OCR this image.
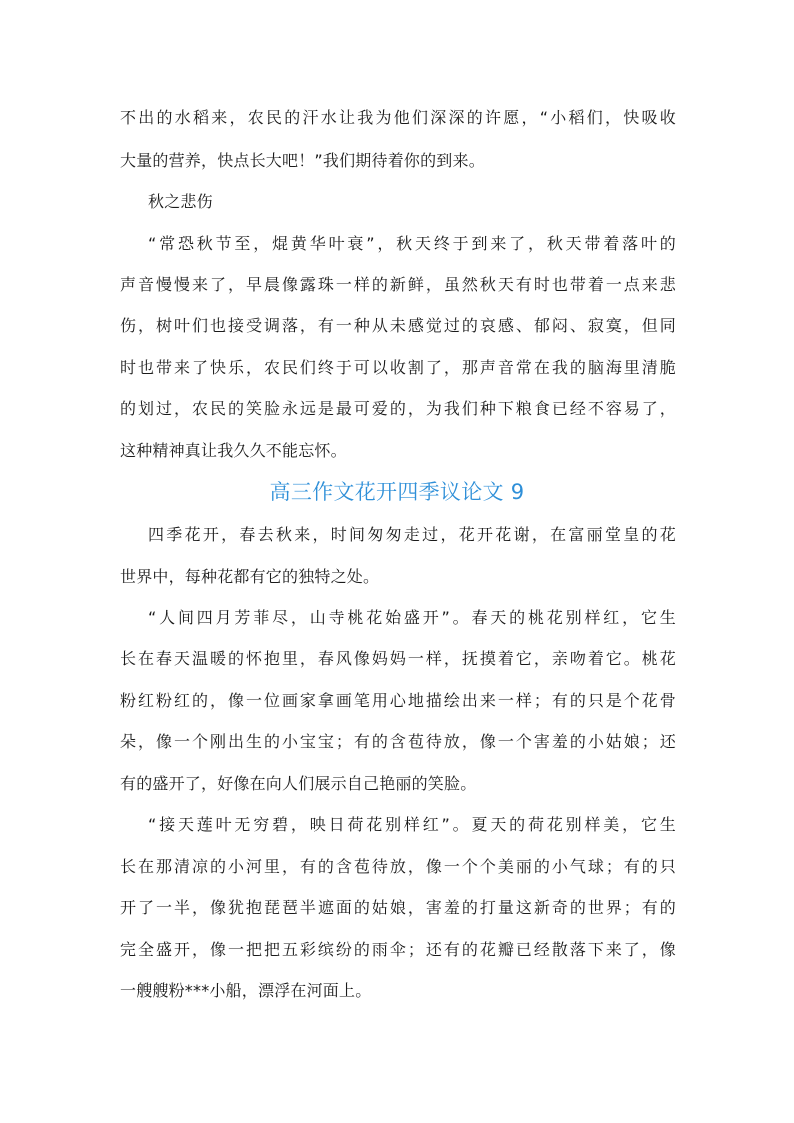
不出的水稻来，农民的汗水让我为他们深深的许愿，“小稻们，快吸收
大量的营养，快点长大吧！”我们期待着你的到来。
秋之悲伤
“常恐秋节至，焜黄华叶衰”，秋天终于到来了，秋天带着落叶的
声音慢慢来了，早晨像露珠一样的新鲜，虽然秋天有时也带着一点来悲
伤，树叶们也接受调落，有一种从未感觉过的哀感、郁闷、寂寞，但同
时也带来了快乐，农民们终于可以收割了，那声音常在我的脑海里清脆
的划过，农民的笑脸永远是最可爱的，为我们种下粮食已经不容易了，
这种精神真让我久久不能忘怀。
高三作文花开四季议论文 9
四季花开，春去秋来，时间匆匆走过，花开花谢，在富丽堂皇的花
世界中，每种花都有它的独特之处。
“人间四月芳菲尽，山寺桃花始盛开”。春天的桃花别样红，它生
长在春天温暖的怀抱里，春风像妈妈一样，抚摸着它，亲吻着它。桃花
粉红粉红的，像一位画家拿画笔用心地描绘出来一样；有的只是个花骨
朵，像一个刚出生的小宝宝；有的含苞待放，像一个害羞的小姑娘；还
有的盛开了，好像在向人们展示自己艳丽的笑脸。
“接天莲叶无穷碧，映日荷花别样红”。夏天的荷花别样美，它生
长在那清凉的小河里，有的含苞待放，像一个个美丽的小气球；有的只
开了一半，像犹抱琵琶半遮面的姑娘，害羞的打量这新奇的世界；有的
完全盛开，像一把把五彩缤纷的雨伞；还有的花瓣已经散落下来了，像
一艘艘粉***小船，漂浮在河面上。
